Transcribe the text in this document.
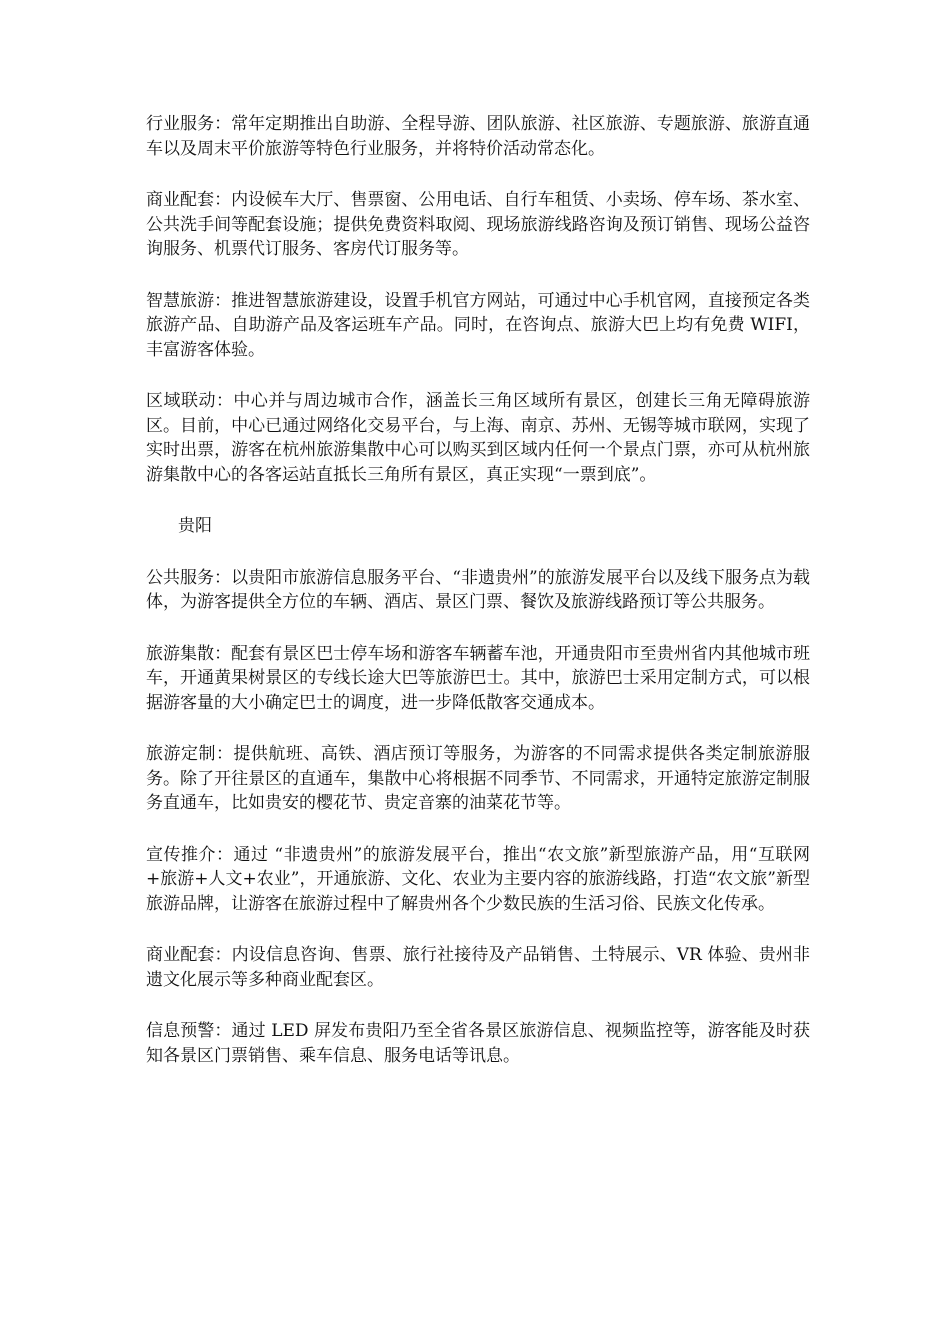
行业服务：常年定期推出自助游、全程导游、团队旅游、社区旅游、专题旅游、旅游直通车以及周末平价旅游等特色行业服务，并将特价活动常态化。

商业配套：内设候车大厅、售票窗、公用电话、自行车租赁、小卖场、停车场、茶水室、公共洗手间等配套设施；提供免费资料取阅、现场旅游线路咨询及预订销售、现场公益咨询服务、机票代订服务、客房代订服务等。

智慧旅游：推进智慧旅游建设，设置手机官方网站，可通过中心手机官网，直接预定各类旅游产品、自助游产品及客运班车产品。同时，在咨询点、旅游大巴上均有免费 WIFI，丰富游客体验。

区域联动：中心并与周边城市合作，涵盖长三角区域所有景区，创建长三角无障碍旅游区。目前，中心已通过网络化交易平台，与上海、南京、苏州、无锡等城市联网，实现了实时出票，游客在杭州旅游集散中心可以购买到区域内任何一个景点门票，亦可从杭州旅游集散中心的各客运站直抵长三角所有景区，真正实现“一票到底”。

贵阳

公共服务：以贵阳市旅游信息服务平台、“非遗贵州”的旅游发展平台以及线下服务点为载体，为游客提供全方位的车辆、酒店、景区门票、餐饮及旅游线路预订等公共服务。

旅游集散：配套有景区巴士停车场和游客车辆蓄车池，开通贵阳市至贵州省内其他城市班车，开通黄果树景区的专线长途大巴等旅游巴士。其中，旅游巴士采用定制方式，可以根据游客量的大小确定巴士的调度，进一步降低散客交通成本。

旅游定制：提供航班、高铁、酒店预订等服务，为游客的不同需求提供各类定制旅游服务。除了开往景区的直通车，集散中心将根据不同季节、不同需求，开通特定旅游定制服务直通车，比如贵安的樱花节、贵定音寨的油菜花节等。

宣传推介：通过 “非遗贵州”的旅游发展平台，推出“农文旅”新型旅游产品，用“互联网+旅游+人文+农业”，开通旅游、文化、农业为主要内容的旅游线路，打造“农文旅”新型旅游品牌，让游客在旅游过程中了解贵州各个少数民族的生活习俗、民族文化传承。

商业配套：内设信息咨询、售票、旅行社接待及产品销售、土特展示、VR 体验、贵州非遗文化展示等多种商业配套区。

信息预警：通过 LED 屏发布贵阳乃至全省各景区旅游信息、视频监控等，游客能及时获知各景区门票销售、乘车信息、服务电话等讯息。
